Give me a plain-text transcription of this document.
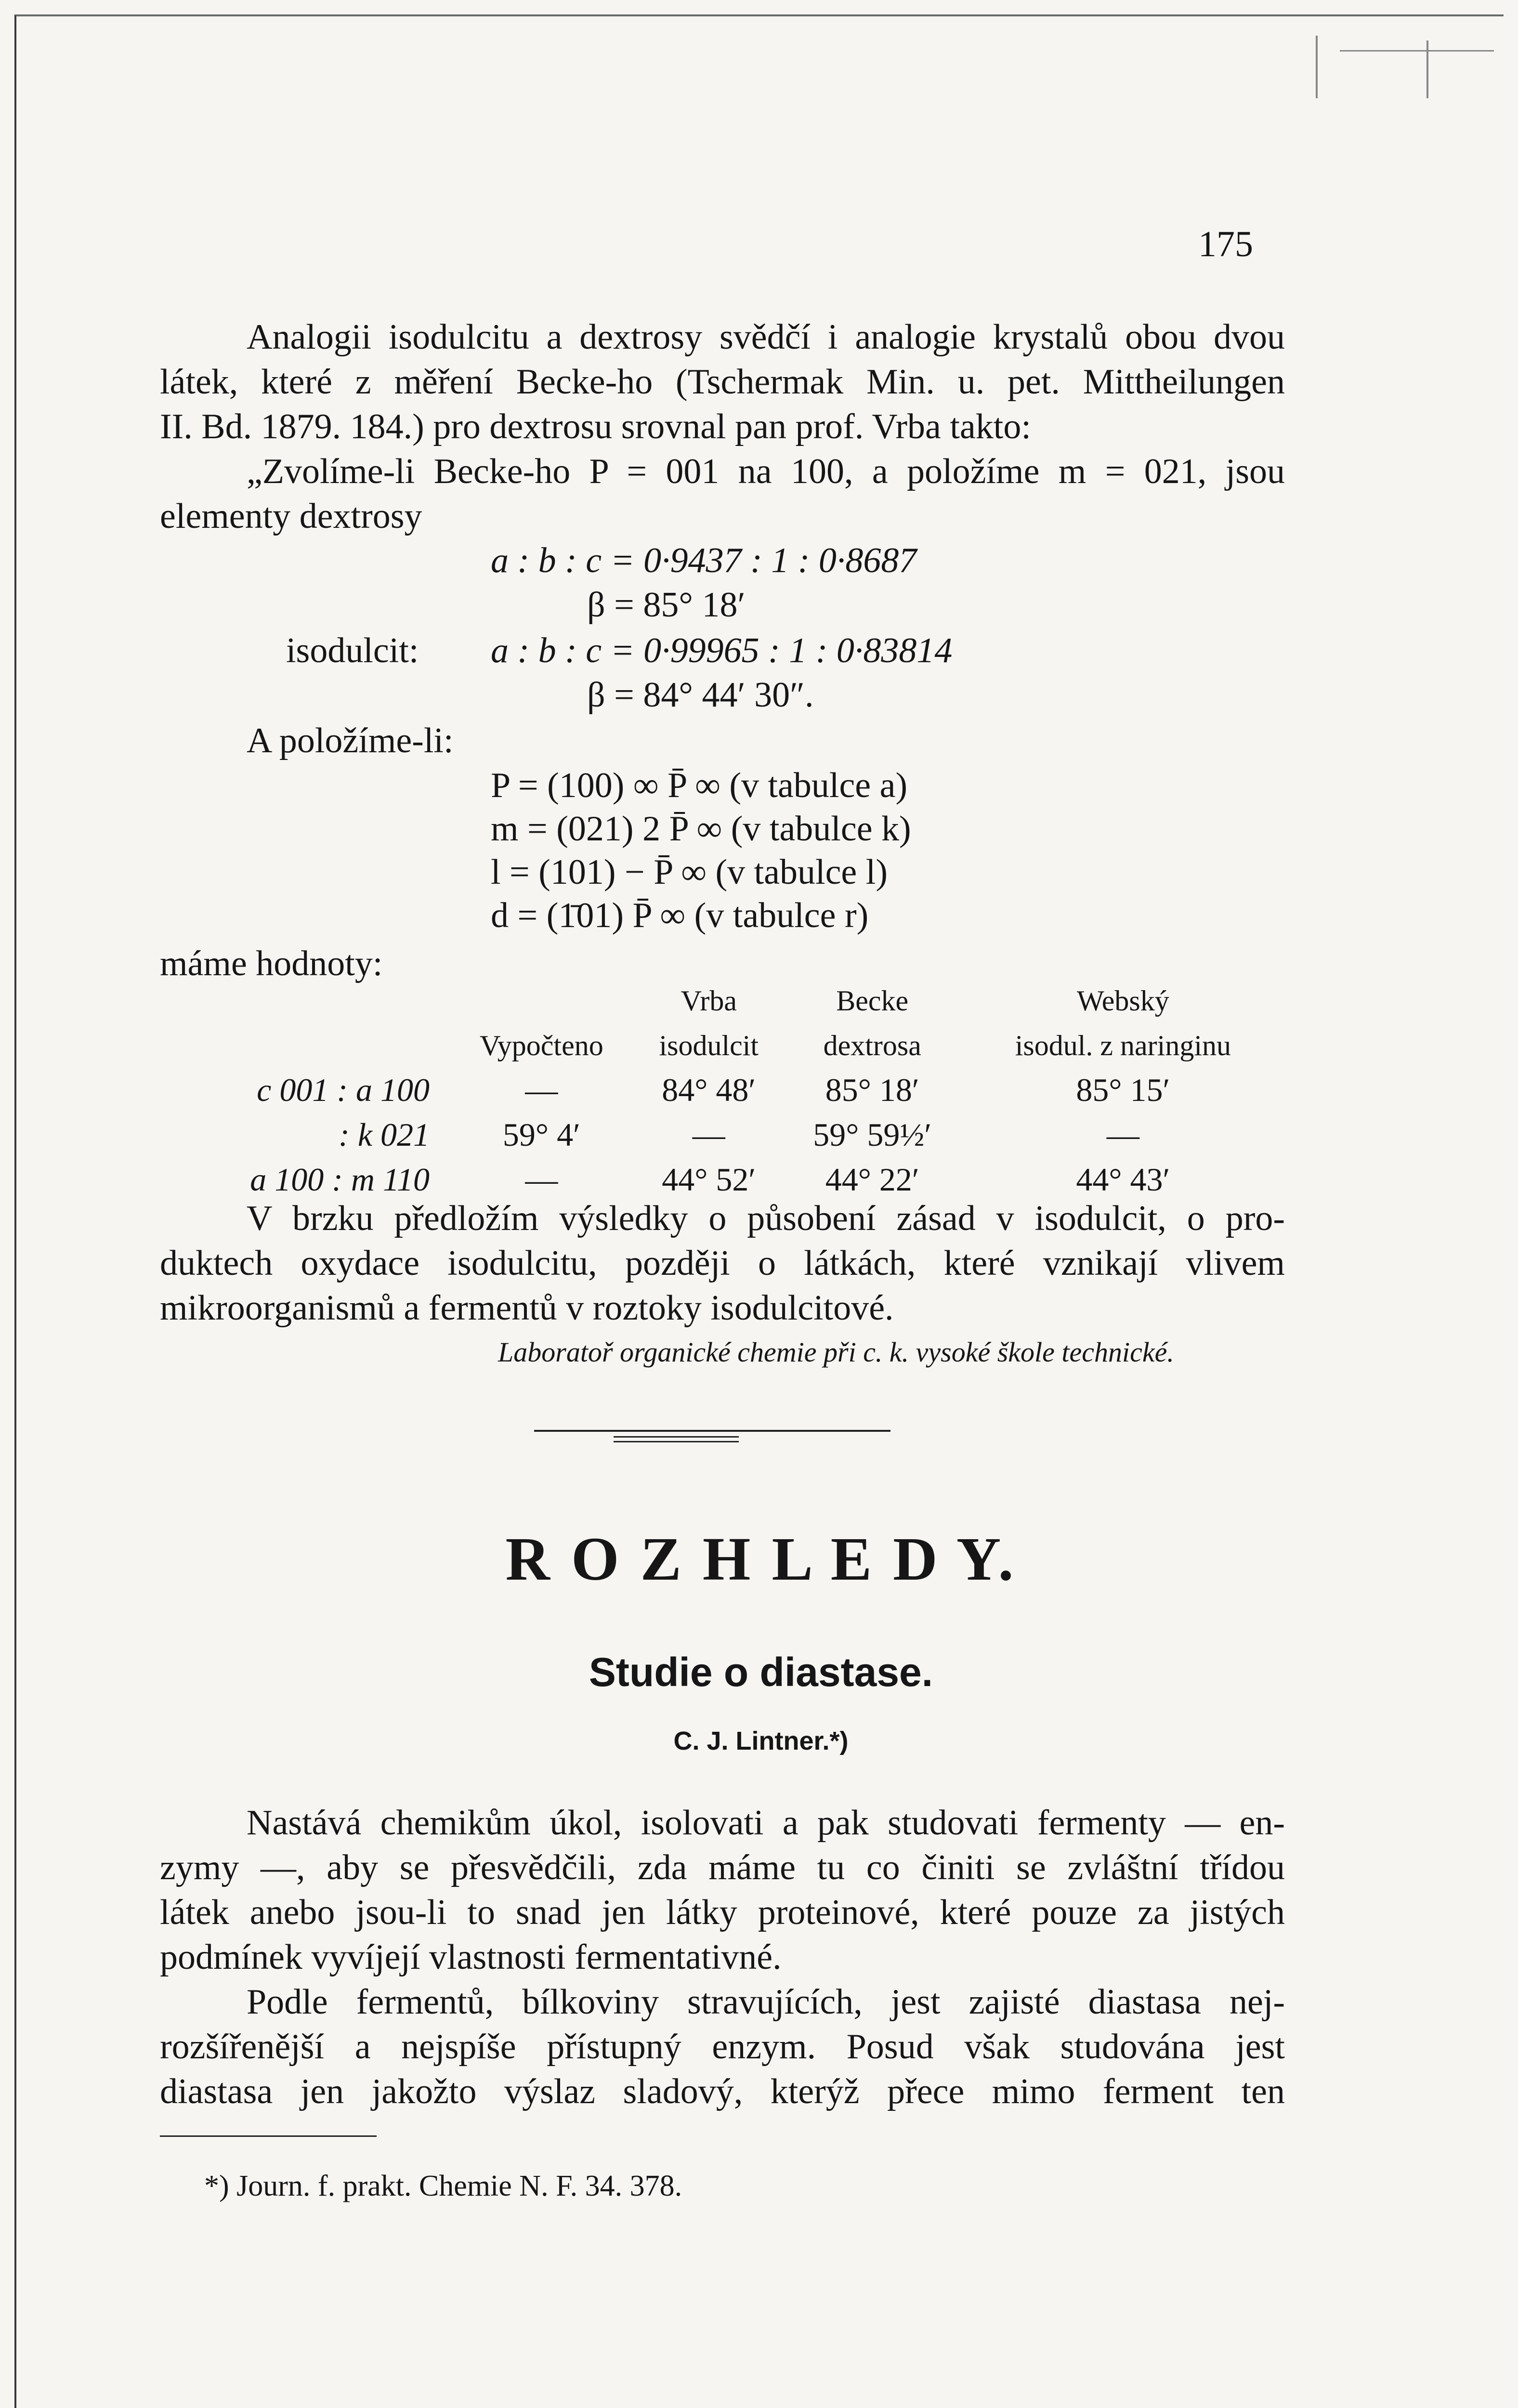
175

Analogii isodulcitu a dextrosy svědčí i analogie krystalů obou dvou

látek, které z měření Becke-ho (Tschermak Min. u. pet. Mittheilungen

II. Bd. 1879. 184.) pro dextrosu srovnal pan prof. Vrba takto:

„Zvolíme-li Becke-ho P = 001 na 100, a položíme m = 021, jsou

elementy dextrosy

a : b : c = 0·9437 : 1 : 0·8687
β = 85° 18′
isodulcit: a : b : c = 0·99965 : 1 : 0·83814
β = 84° 44′ 30″.
A položíme-li:
P = (100) ∞ P̄ ∞ (v tabulce a)
m = (021) 2 P̄ ∞ (v tabulce k)
l = (101) − P̄ ∞ (v tabulce l)
d = (1̄01) P̄ ∞ (v tabulce r)
máme hodnoty:
		Vrba	Becke	Webský
	Vypočteno	isodulcit	dextrosa	isodul. z naringinu
c 001 : a 100	—	84° 48′	85° 18′	85° 15′
: k 021	59° 4′	—	59° 59½′	—
a 100 : m 110	—	44° 52′	44° 22′	44° 43′

V brzku předložím výsledky o působení zásad v isodulcit, o pro-

duktech oxydace isodulcitu, později o látkách, které vznikají vlivem

mikroorganismů a fermentů v roztoky isodulcitové.

Laboratoř organické chemie při c. k. vysoké škole technické.
R O Z H L E D Y.
Studie o diastase.
C. J. Lintner.*)

Nastává chemikům úkol, isolovati a pak studovati fermenty — en-

zymy —, aby se přesvědčili, zda máme tu co činiti se zvláštní třídou

látek anebo jsou-li to snad jen látky proteinové, které pouze za jistých

podmínek vyvíjejí vlastnosti fermentativné.

Podle fermentů, bílkoviny stravujících, jest zajisté diastasa nej-

rozšířenější a nejspíše přístupný enzym. Posud však studována jest

diastasa jen jakožto výslaz sladový, kterýž přece mimo ferment ten

*) Journ. f. prakt. Chemie N. F. 34. 378.
